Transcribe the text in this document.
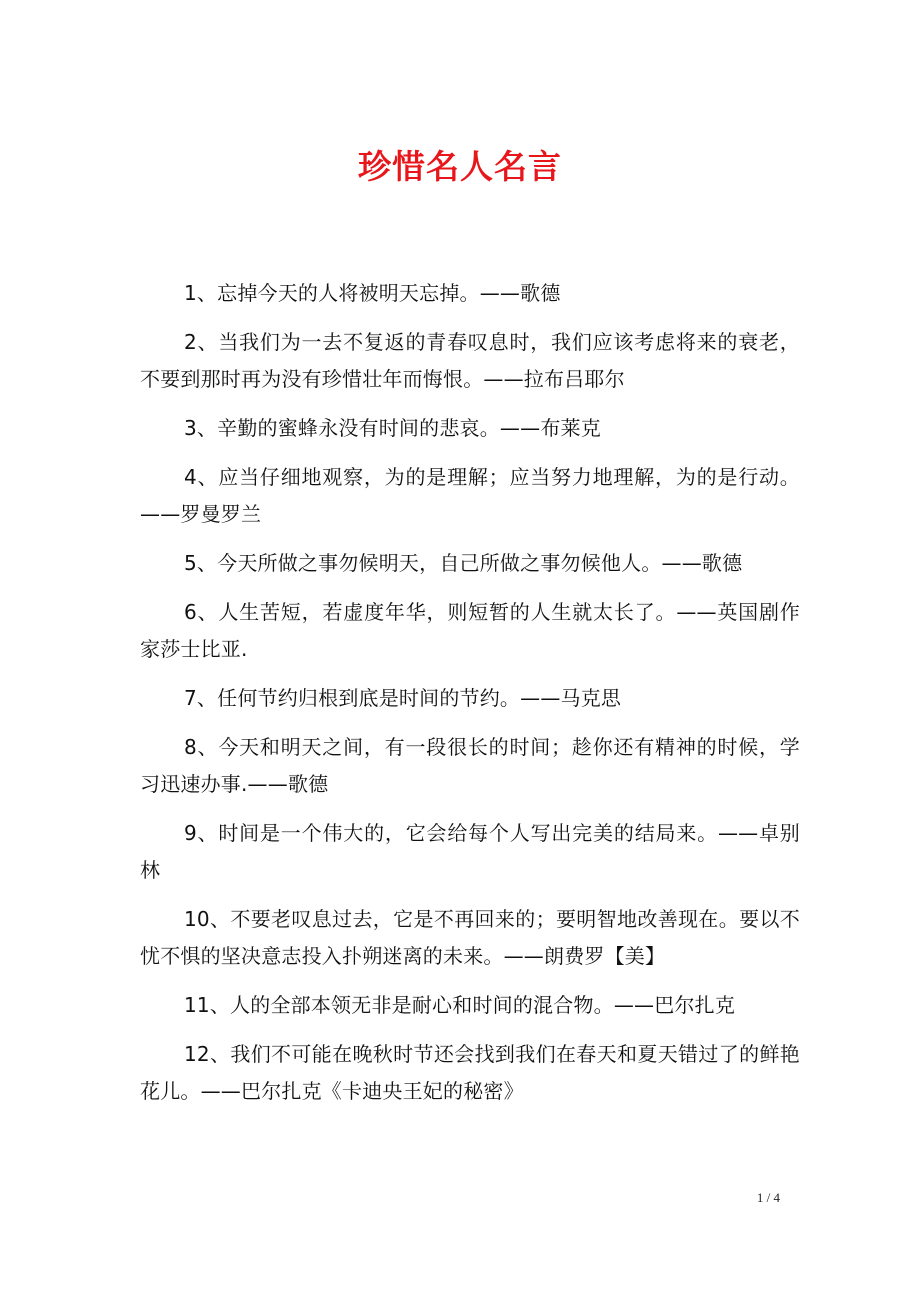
珍惜名人名言

1、忘掉今天的人将被明天忘掉。——歌德

2、当我们为一去不复返的青春叹息时，我们应该考虑将来的衰老，不要到那时再为没有珍惜壮年而悔恨。——拉布吕耶尔

3、辛勤的蜜蜂永没有时间的悲哀。——布莱克

4、应当仔细地观察，为的是理解；应当努力地理解，为的是行动。——罗曼罗兰

5、今天所做之事勿候明天，自己所做之事勿候他人。——歌德

6、人生苦短，若虚度年华，则短暂的人生就太长了。——英国剧作家莎士比亚.

7、任何节约归根到底是时间的节约。——马克思

8、今天和明天之间，有一段很长的时间；趁你还有精神的时候，学习迅速办事.——歌德

9、时间是一个伟大的，它会给每个人写出完美的结局来。——卓别林

10、不要老叹息过去，它是不再回来的；要明智地改善现在。要以不忧不惧的坚决意志投入扑朔迷离的未来。——朗费罗【美】

11、人的全部本领无非是耐心和时间的混合物。——巴尔扎克

12、我们不可能在晚秋时节还会找到我们在春天和夏天错过了的鲜艳花儿。——巴尔扎克《卡迪央王妃的秘密》

1 / 4
